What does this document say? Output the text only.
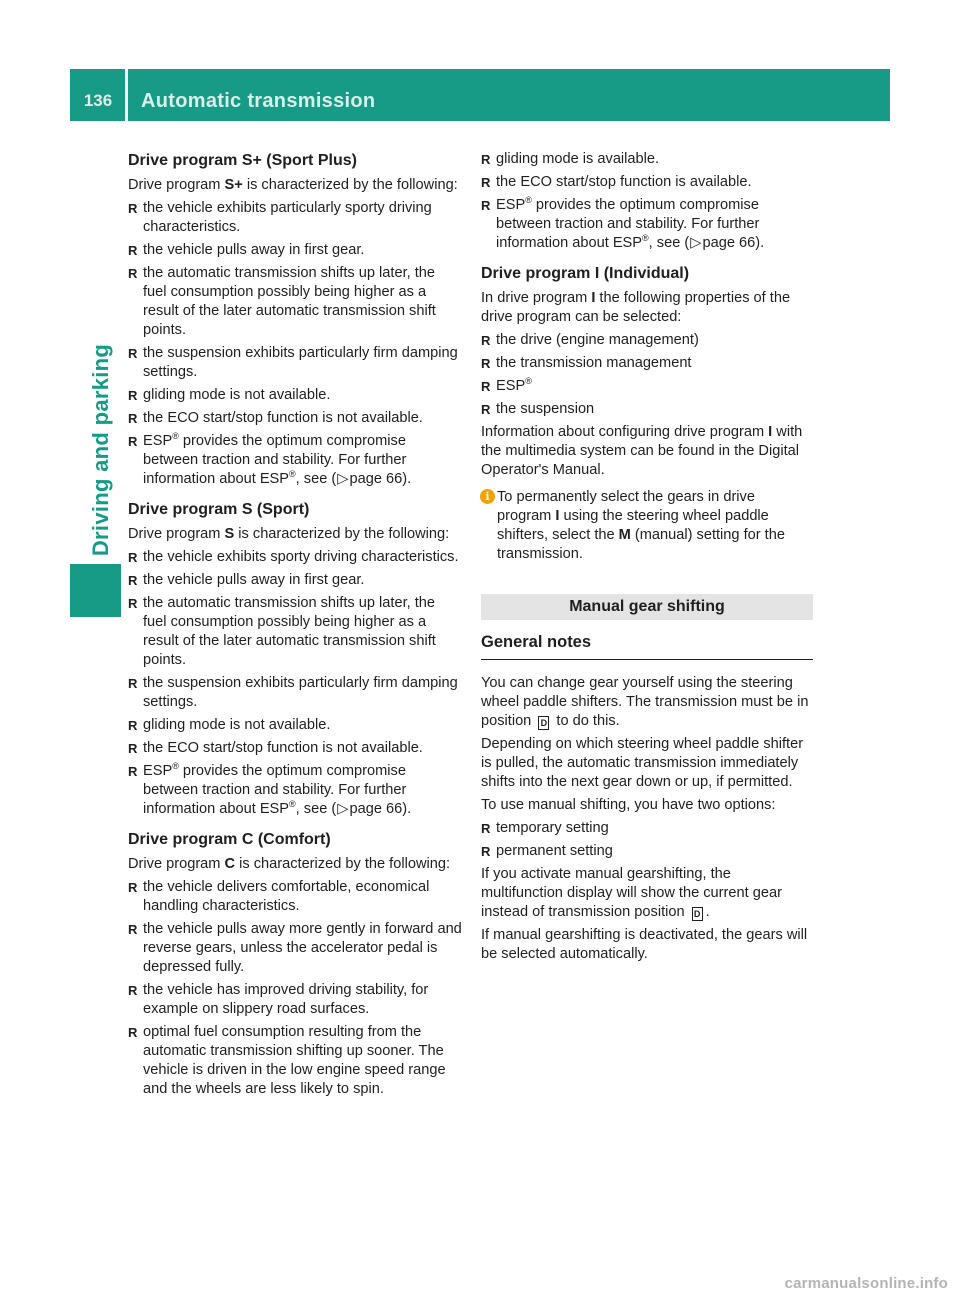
136	Automatic transmission
Driving and parking
Drive program S+ (Sport Plus)

Drive program S+ is characterized by the following:

R the vehicle exhibits particularly sporty driving characteristics.
R the vehicle pulls away in first gear.
R the automatic transmission shifts up later, the fuel consumption possibly being higher as a result of the later automatic transmission shift points.
R the suspension exhibits particularly firm damping settings.
R gliding mode is not available.
R the ECO start/stop function is not available.
R ESP® provides the optimum compromise between traction and stability. For further information about ESP®, see (▷page 66).
Drive program S (Sport)

Drive program S is characterized by the following:

R the vehicle exhibits sporty driving characteristics.
R the vehicle pulls away in first gear.
R the automatic transmission shifts up later, the fuel consumption possibly being higher as a result of the later automatic transmission shift points.
R the suspension exhibits particularly firm damping settings.
R gliding mode is not available.
R the ECO start/stop function is not available.
R ESP® provides the optimum compromise between traction and stability. For further information about ESP®, see (▷page 66).
Drive program C (Comfort)

Drive program C is characterized by the following:

R the vehicle delivers comfortable, economical handling characteristics.
R the vehicle pulls away more gently in forward and reverse gears, unless the accelerator pedal is depressed fully.
R the vehicle has improved driving stability, for example on slippery road surfaces.
R optimal fuel consumption resulting from the automatic transmission shifting up sooner. The vehicle is driven in the low engine speed range and the wheels are less likely to spin.
R gliding mode is available.
R the ECO start/stop function is available.
R ESP® provides the optimum compromise between traction and stability. For further information about ESP®, see (▷page 66).
Drive program I (Individual)

In drive program I the following properties of the drive program can be selected:

R the drive (engine management)
R the transmission management
R ESP®
R the suspension

Information about configuring drive program I with the multimedia system can be found in the Digital Operator's Manual.

i To permanently select the gears in drive program I using the steering wheel paddle shifters, select the M (manual) setting for the transmission.
Manual gear shifting
General notes

You can change gear yourself using the steering wheel paddle shifters. The transmission must be in position D to do this.

Depending on which steering wheel paddle shifter is pulled, the automatic transmission immediately shifts into the next gear down or up, if permitted.

To use manual shifting, you have two options:

R temporary setting
R permanent setting

If you activate manual gearshifting, the multifunction display will show the current gear instead of transmission position D .

If manual gearshifting is deactivated, the gears will be selected automatically.

carmanualsonline.info
